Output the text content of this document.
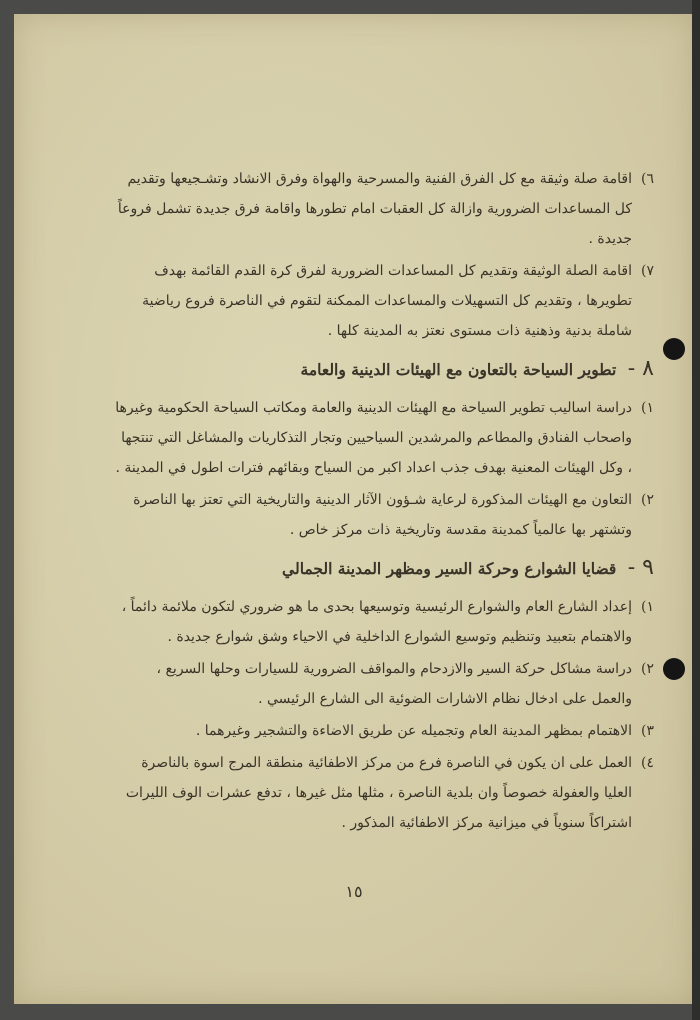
٦)
اقامة صلة وثيقة مع كل الفرق الفنية والمسرحية والهواة وفرق الانشاد وتشـجيعها وتقديم كل المساعدات الضرورية وازالة كل العقبات امام تطورها واقامة فرق جديدة تشمل فروعاً جديدة .
٧)
اقامة الصلة الوثيقة وتقديم كل المساعدات الضرورية لفرق كرة القدم القائمة بهدف تطويرها ، وتقديم كل التسهيلات والمساعدات الممكنة لتقوم في الناصرة فروع رياضية شاملة بدنية وذهنية ذات مستوى نعتز به المدينة كلها .
٨ - تطوير السياحة بالتعاون مع الهيئات الدينية والعامة
١)
دراسة اساليب تطوير السياحة مع الهيئات الدينية والعامة ومكاتب السياحة الحكومية وغيرها واصحاب الفنادق والمطاعم والمرشدين السياحيين وتجار التذكاريات والمشاغل التي تنتجها ، وكل الهيئات المعنية بهدف جذب اعداد اكبر من السياح وبقائهم فترات اطول في المدينة .
٢)
التعاون مع الهيئات المذكورة لرعاية شـؤون الآثار الدينية والتاريخية التي تعتز بها الناصرة وتشتهر بها عالمياً كمدينة مقدسة وتاريخية ذات مركز خاص .
٩ - قضايا الشوارع وحركة السير ومظهر المدينة الجمالي
١)
إعداد الشارع العام والشوارع الرئيسية وتوسيعها بحدى ما هو ضروري لتكون ملائمة دائماً ، والاهتمام بتعبيد وتنظيم وتوسيع الشوارع الداخلية في الاحياء وشق شوارع جديدة .
٢)
دراسة مشاكل حركة السير والازدحام والمواقف الضرورية للسيارات وحلها السريع ، والعمل على ادخال نظام الاشارات الضوئية الى الشارع الرئيسي .
٣)
الاهتمام بمظهر المدينة العام وتجميله عن طريق الاضاءة والتشجير وغيرهما .
٤)
العمل على ان يكون في الناصرة فرع من مركز الاطفائية منطقة المرج اسوة بالناصرة العليا والعفولة خصوصاً وان بلدية الناصرة ، مثلها مثل غيرها ، تدفع عشرات الوف الليرات اشتراكاً سنوياً في ميزانية مركز الاطفائية المذكور .
١٥
